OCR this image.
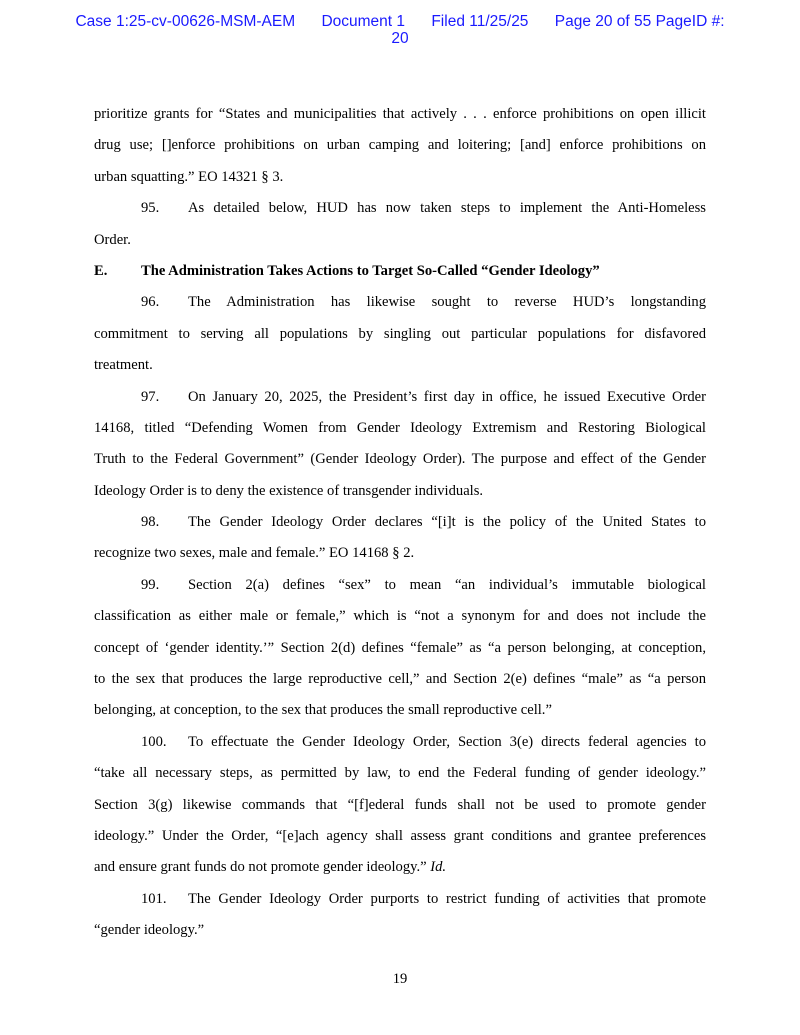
Case 1:25-cv-00626-MSM-AEM Document 1 Filed 11/25/25 Page 20 of 55 PageID #:
20
prioritize grants for “States and municipalities that actively . . . enforce prohibitions on open illicit
drug use; []enforce prohibitions on urban camping and loitering; [and] enforce prohibitions on
urban squatting.” EO 14321 § 3.
95. As detailed below, HUD has now taken steps to implement the Anti-Homeless
Order.
E. The Administration Takes Actions to Target So-Called “Gender Ideology”
96. The Administration has likewise sought to reverse HUD’s longstanding
commitment to serving all populations by singling out particular populations for disfavored
treatment.
97. On January 20, 2025, the President’s first day in office, he issued Executive Order
14168, titled “Defending Women from Gender Ideology Extremism and Restoring Biological
Truth to the Federal Government” (Gender Ideology Order). The purpose and effect of the Gender
Ideology Order is to deny the existence of transgender individuals.
98. The Gender Ideology Order declares “[i]t is the policy of the United States to
recognize two sexes, male and female.” EO 14168 § 2.
99. Section 2(a) defines “sex” to mean “an individual’s immutable biological
classification as either male or female,” which is “not a synonym for and does not include the
concept of ‘gender identity.’” Section 2(d) defines “female” as “a person belonging, at conception,
to the sex that produces the large reproductive cell,” and Section 2(e) defines “male” as “a person
belonging, at conception, to the sex that produces the small reproductive cell.”
100. To effectuate the Gender Ideology Order, Section 3(e) directs federal agencies to
“take all necessary steps, as permitted by law, to end the Federal funding of gender ideology.”
Section 3(g) likewise commands that “[f]ederal funds shall not be used to promote gender
ideology.” Under the Order, “[e]ach agency shall assess grant conditions and grantee preferences
and ensure grant funds do not promote gender ideology.” Id.
101. The Gender Ideology Order purports to restrict funding of activities that promote
“gender ideology.”
19
